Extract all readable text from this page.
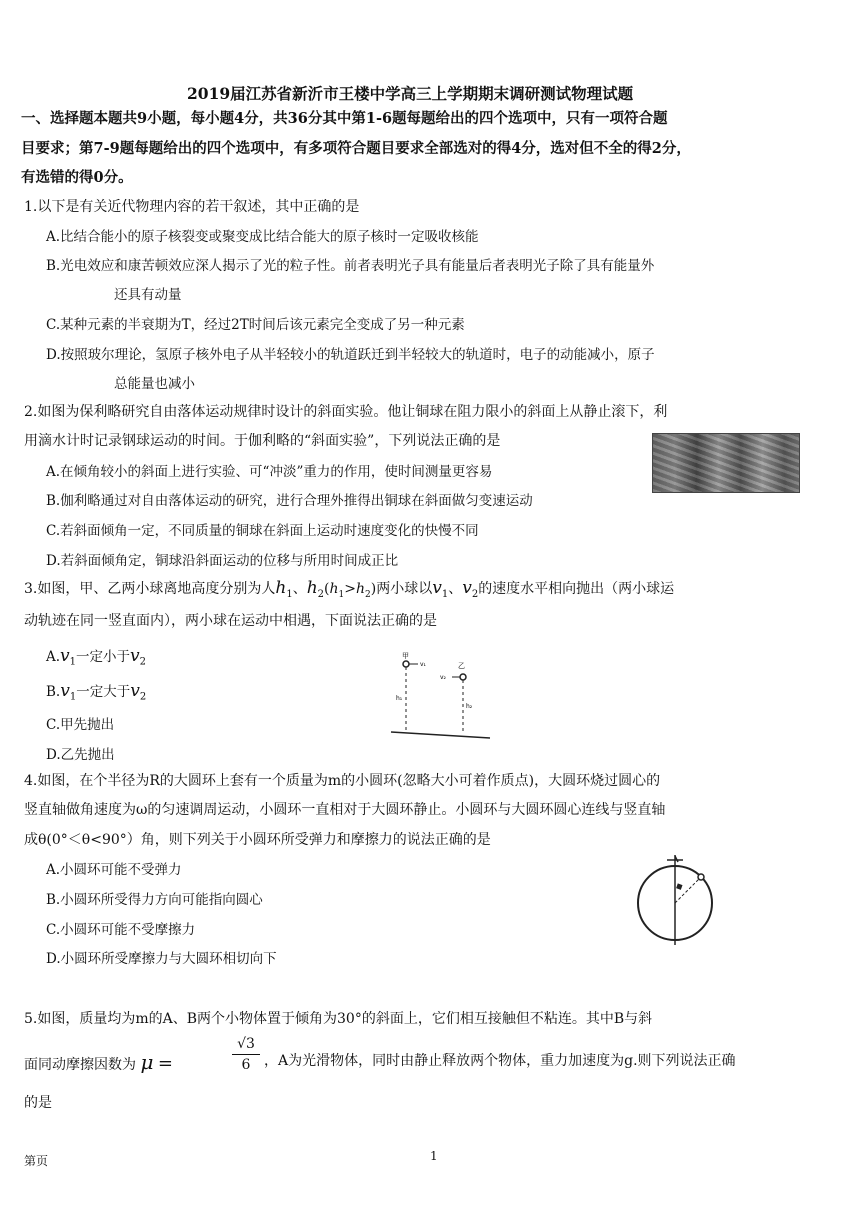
2019届江苏省新沂市王楼中学高三上学期期末调研测试物理试题
一、选择题本题共9小题，每小题4分，共36分其中第1-6题每题给出的四个选项中，只有一项符合题
目要求；第7-9题每题给出的四个选项中，有多项符合题目要求全部选对的得4分，选对但不全的得2分，
有选错的得0分。
1.以下是有关近代物理内容的若干叙述，其中正确的是
A.比结合能小的原子核裂变或聚变成比结合能大的原子核时一定吸收核能
B.光电效应和康苦顿效应深人揭示了光的粒子性。前者表明光子具有能量后者表明光子除了具有能量外
还具有动量
C.某种元素的半衰期为T，经过2T时间后该元素完全变成了另一种元素
D.按照玻尔理论，氢原子核外电子从半轻较小的轨道跃迁到半轻较大的轨道时，电子的动能减小，原子
总能量也减小
2.如图为保利略研究自由落体运动规律时设计的斜面实验。他让铜球在阻力限小的斜面上从静止滚下，利
用滴水计时记录钢球运动的时间。于伽利略的“斜面实验”，下列说法正确的是
A.在倾角较小的斜面上进行实验、可“冲淡”重力的作用，使时间测量更容易
B.伽利略通过对自由落体运动的研究，进行合理外推得出铜球在斜面做匀变速运动
C.若斜面倾角一定，不同质量的铜球在斜面上运动时速度变化的快慢不同
D.若斜面倾角定，铜球沿斜面运动的位移与所用时间成正比
3.如图，甲、乙两小球离地高度分别为人$h_1$、$h_2(h_1>h_2)$两小球以$v_1$、$v_2$的速度水平相向抛出（两小球运
动轨迹在同一竖直面内），两小球在运动中相遇，下面说法正确的是
$A.v_1$一定小于$v_2$
$B.v_1$一定大于$v_2$
C.甲先抛出
D.乙先抛出
甲
乙
v₁
v₂
h₁
h₂
4.如图，在个半径为R的大圆环上套有一个质量为m的小圆环(忽略大小可着作质点)，大圆环烧过圆心的
竖直轴做角速度为ω的匀速调周运动，小圆环一直相对于大圆环静止。小圆环与大圆环圆心连线与竖直轴
成θ(0°＜θ<90°）角，则下列关于小圆环所受弹力和摩擦力的说法正确的是
A.小圆环可能不受弹力
B.小圆环所受得力方向可能指向圆心
C.小圆环可能不受摩擦力
D.小圆环所受摩擦力与大圆环相切向下
5.如图，质量均为m的A、B两个小物体置于倾角为30°的斜面上，它们相互接触但不粘连。其中B与斜
面同动摩擦因数为 μ =
√3
6 ，A为光滑物体，同时由静止释放两个物体，重力加速度为g.则下列说法正确
的是
第页	1
